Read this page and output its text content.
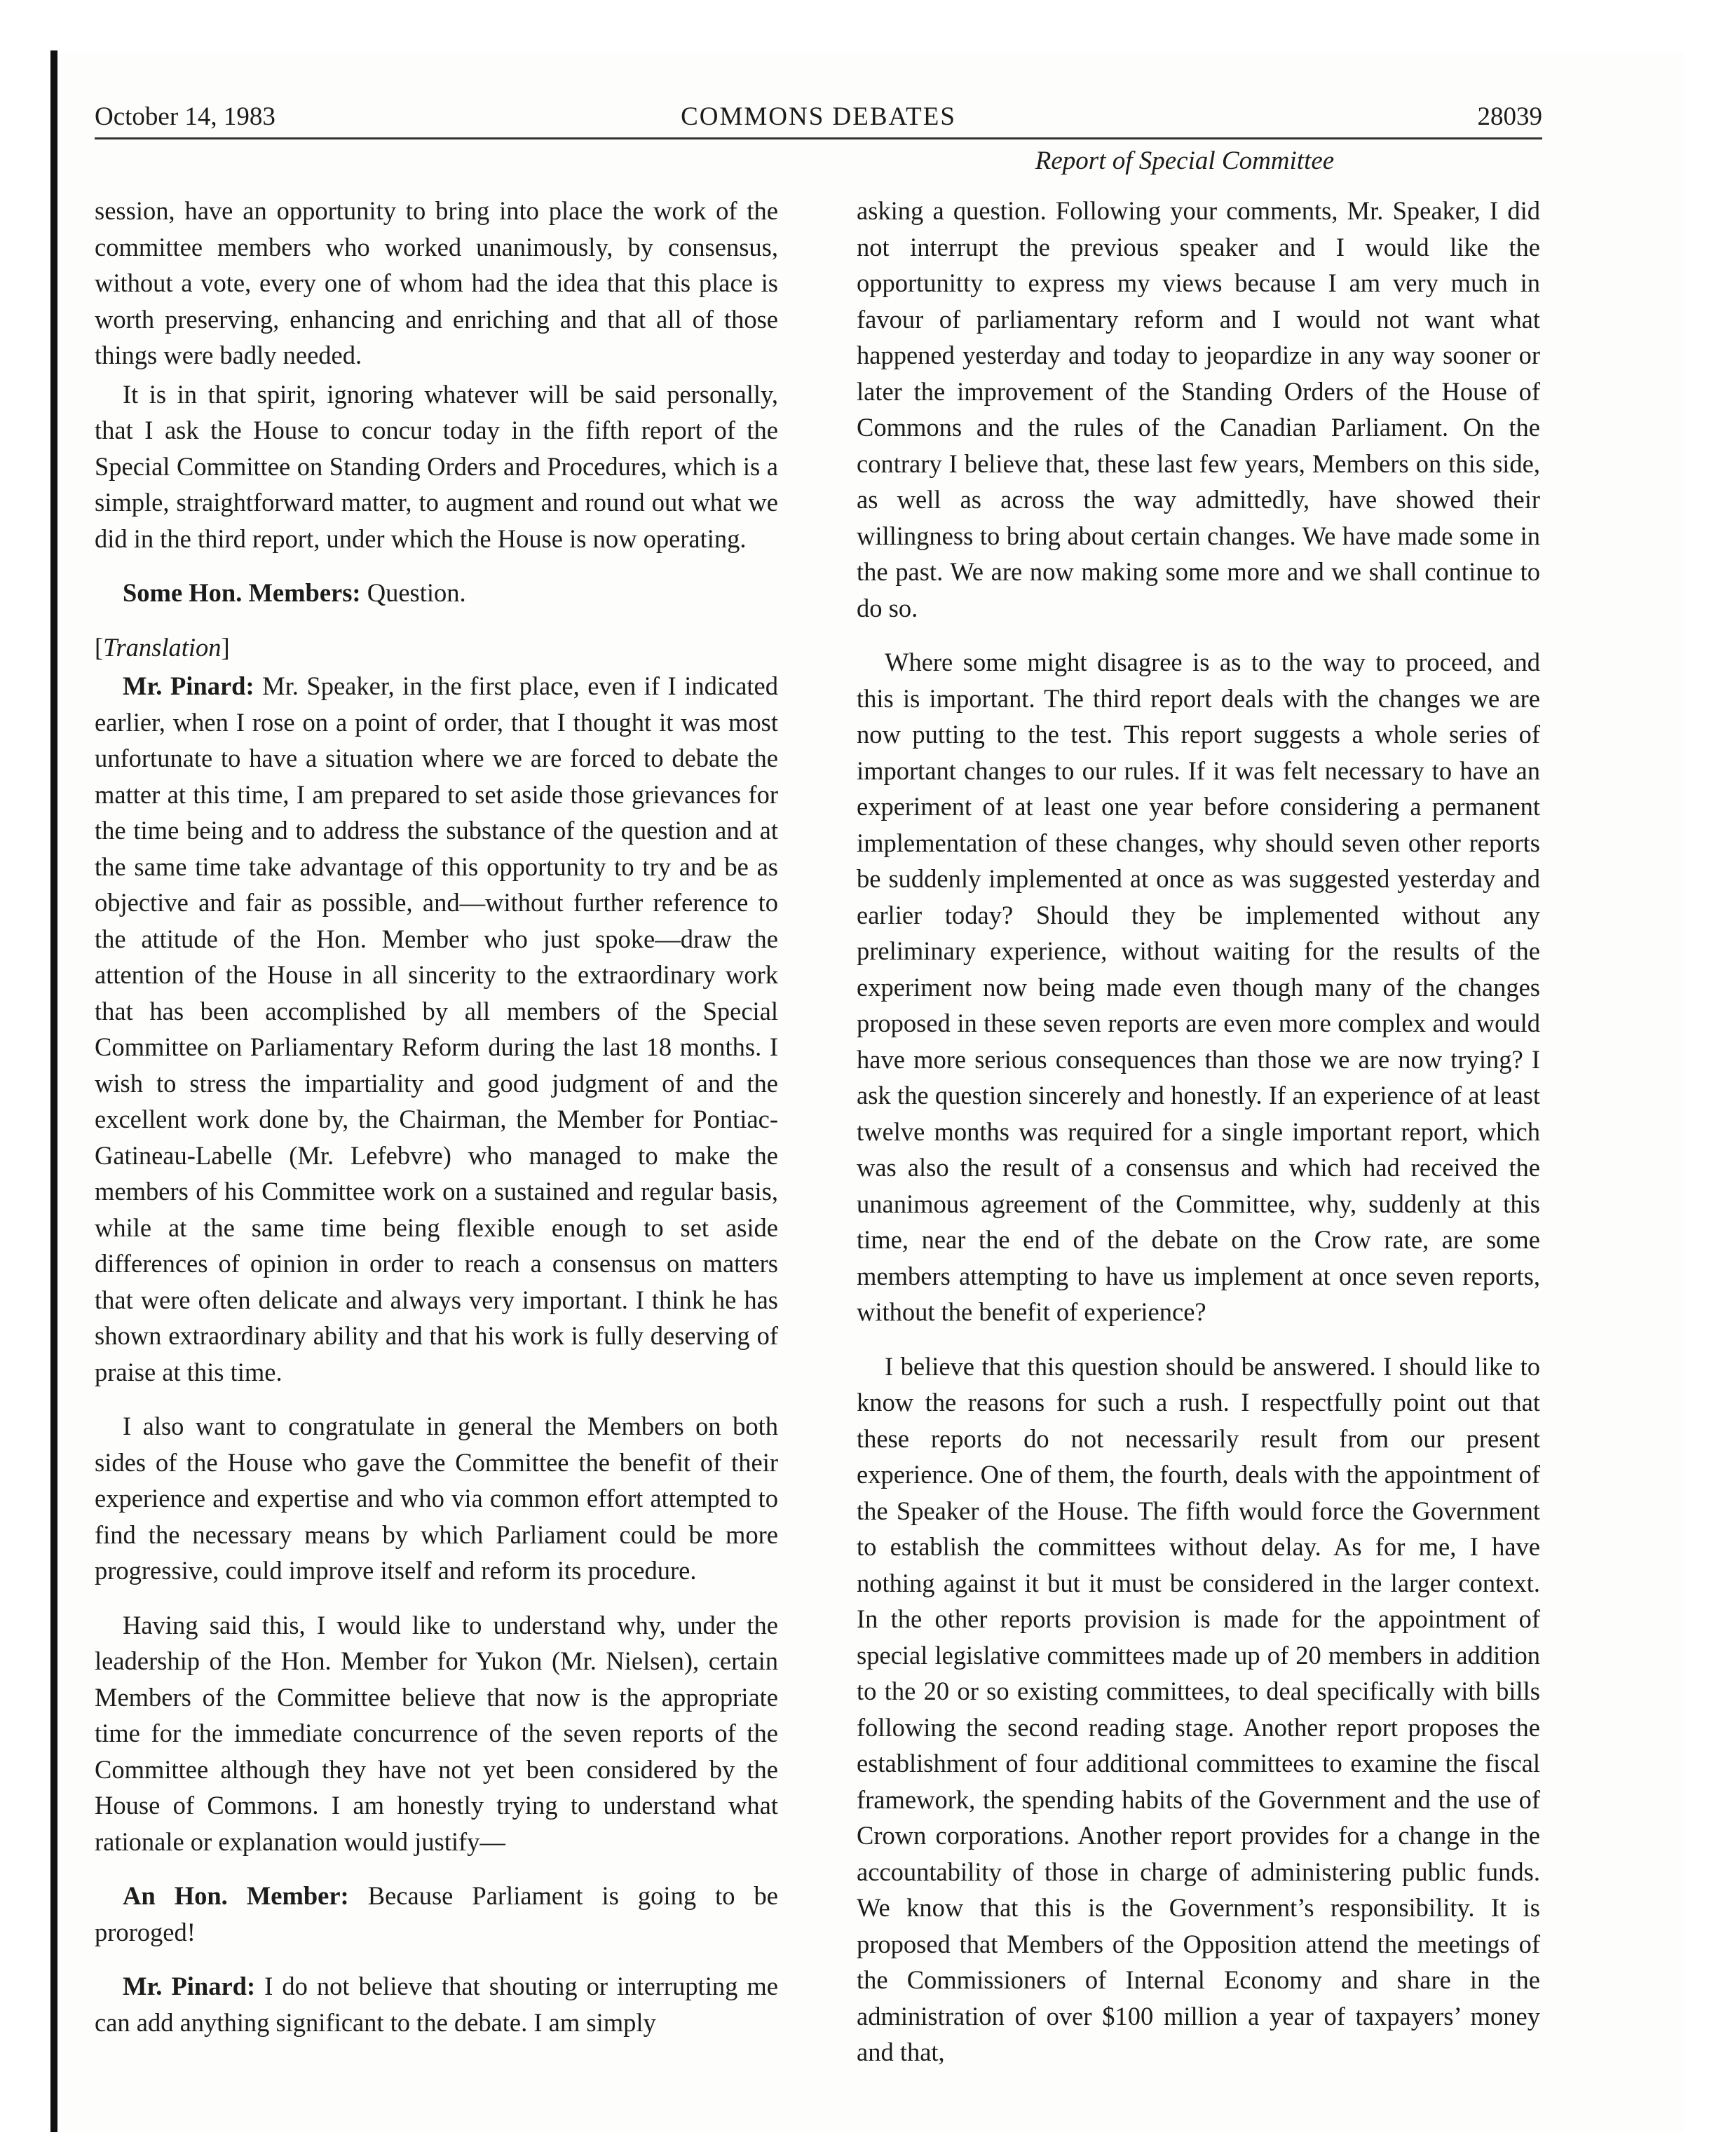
October 14, 1983	COMMONS DEBATES	28039
Report of Special Committee

session, have an opportunity to bring into place the work of the committee members who worked unanimously, by consensus, without a vote, every one of whom had the idea that this place is worth preserving, enhancing and enriching and that all of those things were badly needed.

It is in that spirit, ignoring whatever will be said personally, that I ask the House to concur today in the fifth report of the Special Committee on Standing Orders and Procedures, which is a simple, straightforward matter, to augment and round out what we did in the third report, under which the House is now operating.

Some Hon. Members: Question.

[Translation]

Mr. Pinard: Mr. Speaker, in the first place, even if I indicated earlier, when I rose on a point of order, that I thought it was most unfortunate to have a situation where we are forced to debate the matter at this time, I am prepared to set aside those grievances for the time being and to address the substance of the question and at the same time take advantage of this opportunity to try and be as objective and fair as possible, and—without further reference to the attitude of the Hon. Member who just spoke—draw the attention of the House in all sincerity to the extraordinary work that has been accomplished by all members of the Special Committee on Parliamentary Reform during the last 18 months. I wish to stress the impartiality and good judgment of and the excellent work done by, the Chairman, the Member for Pontiac-Gatineau-Labelle (Mr. Lefebvre) who managed to make the members of his Committee work on a sustained and regular basis, while at the same time being flexible enough to set aside differences of opinion in order to reach a consensus on matters that were often delicate and always very important. I think he has shown extraordinary ability and that his work is fully deserving of praise at this time.

I also want to congratulate in general the Members on both sides of the House who gave the Committee the benefit of their experience and expertise and who via common effort attempted to find the necessary means by which Parliament could be more progressive, could improve itself and reform its procedure.

Having said this, I would like to understand why, under the leadership of the Hon. Member for Yukon (Mr. Nielsen), certain Members of the Committee believe that now is the appropriate time for the immediate concurrence of the seven reports of the Committee although they have not yet been considered by the House of Commons. I am honestly trying to understand what rationale or explanation would justify—

An Hon. Member: Because Parliament is going to be proroged!

Mr. Pinard: I do not believe that shouting or interrupting me can add anything significant to the debate. I am simply

asking a question. Following your comments, Mr. Speaker, I did not interrupt the previous speaker and I would like the opportunitty to express my views because I am very much in favour of parliamentary reform and I would not want what happened yesterday and today to jeopardize in any way sooner or later the improvement of the Standing Orders of the House of Commons and the rules of the Canadian Parliament. On the contrary I believe that, these last few years, Members on this side, as well as across the way admittedly, have showed their willingness to bring about certain changes. We have made some in the past. We are now making some more and we shall continue to do so.

Where some might disagree is as to the way to proceed, and this is important. The third report deals with the changes we are now putting to the test. This report suggests a whole series of important changes to our rules. If it was felt necessary to have an experiment of at least one year before considering a permanent implementation of these changes, why should seven other reports be suddenly implemented at once as was suggested yesterday and earlier today? Should they be implemented without any preliminary experience, without waiting for the results of the experiment now being made even though many of the changes proposed in these seven reports are even more complex and would have more serious consequences than those we are now trying? I ask the question sincerely and honestly. If an experience of at least twelve months was required for a single important report, which was also the result of a consensus and which had received the unanimous agreement of the Committee, why, suddenly at this time, near the end of the debate on the Crow rate, are some members attempting to have us implement at once seven reports, without the benefit of experience?

I believe that this question should be answered. I should like to know the reasons for such a rush. I respectfully point out that these reports do not necessarily result from our present experience. One of them, the fourth, deals with the appointment of the Speaker of the House. The fifth would force the Government to establish the committees without delay. As for me, I have nothing against it but it must be considered in the larger context. In the other reports provision is made for the appointment of special legislative committees made up of 20 members in addition to the 20 or so existing committees, to deal specifically with bills following the second reading stage. Another report proposes the establishment of four additional committees to examine the fiscal framework, the spending habits of the Government and the use of Crown corporations. Another report provides for a change in the accountability of those in charge of administering public funds. We know that this is the Government’s responsibility. It is proposed that Members of the Opposition attend the meetings of the Commissioners of Internal Economy and share in the administration of over $100 million a year of taxpayers’ money and that,
